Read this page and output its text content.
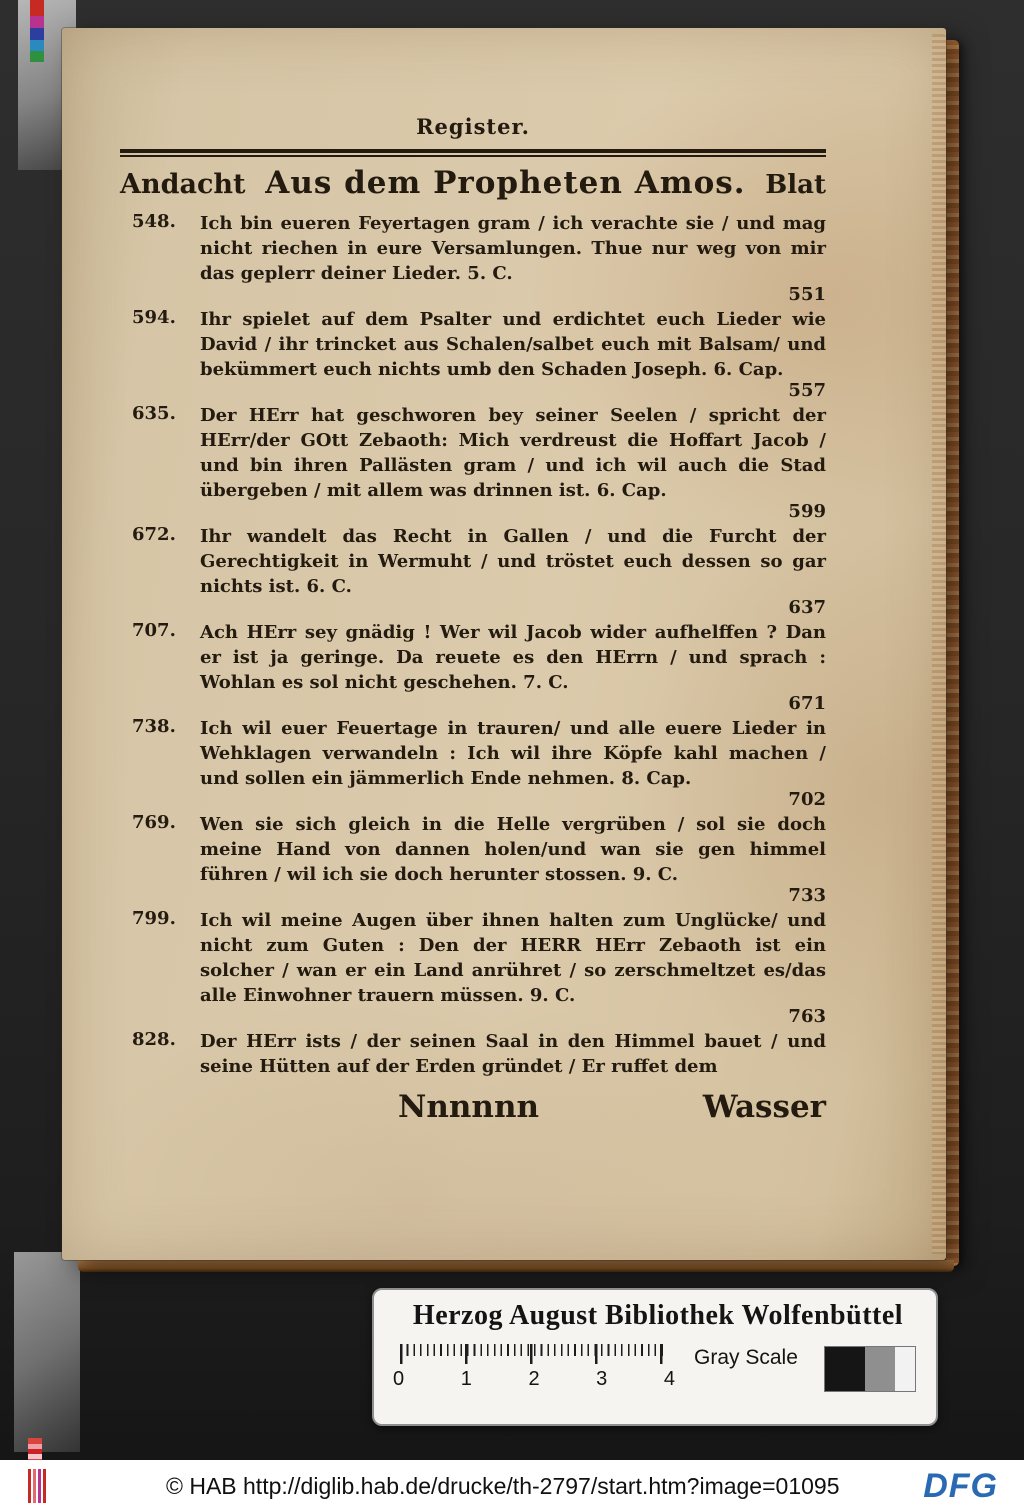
Register.
Andacht Aus dem Propheten Amos. Blat
548.	Ich bin eueren Feyertagen gram / ich verachte sie / und mag nicht riechen in eure Versamlungen. Thue nur weg von mir das geplerr deiner Lieder. 5. C.
551
594.	Ihr spielet auf dem Psalter und erdichtet euch Lieder wie David / ihr trincket aus Schalen/salbet euch mit Balsam/ und bekümmert euch nichts umb den Schaden Joseph. 6. Cap.
557
635.	Der HErr hat geschworen bey seiner Seelen / spricht der HErr/der GOtt Zebaoth: Mich verdreust die Hoffart Jacob / und bin ihren Pallästen gram / und ich wil auch die Stad übergeben / mit allem was drinnen ist. 6. Cap.
599
672.	Ihr wandelt das Recht in Gallen / und die Furcht der Gerechtigkeit in Wermuht / und tröstet euch dessen so gar nichts ist. 6. C.
637
707.	Ach HErr sey gnädig ! Wer wil Jacob wider aufhelffen ? Dan er ist ja geringe. Da reuete es den HErrn / und sprach : Wohlan es sol nicht geschehen. 7. C.
671
738.	Ich wil euer Feuertage in trauren/ und alle euere Lieder in Wehklagen verwandeln : Ich wil ihre Köpfe kahl machen / und sollen ein jämmerlich Ende nehmen. 8. Cap.
702
769.	Wen sie sich gleich in die Helle vergrüben / sol sie doch meine Hand von dannen holen/und wan sie gen himmel führen / wil ich sie doch herunter stossen. 9. C.
733
799.	Ich wil meine Augen über ihnen halten zum Unglücke/ und nicht zum Guten : Den der HERR HErr Zebaoth ist ein solcher / wan er ein Land anrühret / so zerschmeltzet es/das alle Einwohner trauern müssen. 9. C.
763
828.	Der HErr ists / der seinen Saal in den Himmel bauet / und seine Hütten auf der Erden gründet / Er ruffet dem
Nnnnnn	Wasser
Herzog August Bibliothek Wolfenbüttel
0	1	2	3	4
Gray Scale
© HAB http://diglib.hab.de/drucke/th-2797/start.htm?image=01095 DFG
